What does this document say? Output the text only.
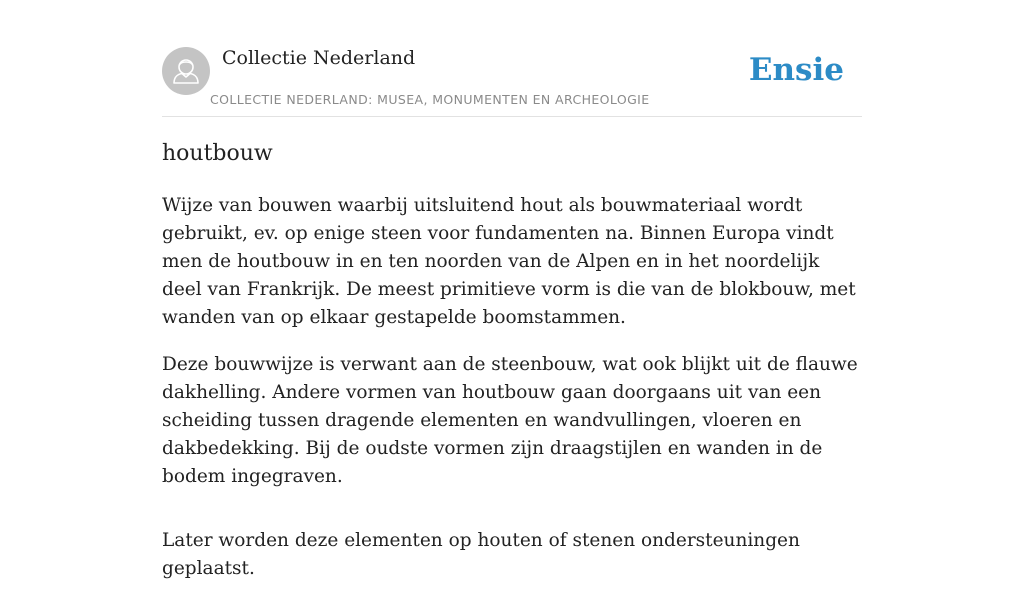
Collectie Nederland
COLLECTIE NEDERLAND: MUSEA, MONUMENTEN EN ARCHEOLOGIE
Ensie
houtbouw

Wijze van bouwen waarbij uitsluitend hout als bouwmateriaal wordt gebruikt, ev. op enige steen voor fundamenten na. Binnen Europa vindt men de houtbouw in en ten noorden van de Alpen en in het noordelijk deel van Frankrijk. De meest primitieve vorm is die van de blokbouw, met wanden van op elkaar gestapelde boomstammen.

Deze bouwwijze is verwant aan de steenbouw, wat ook blijkt uit de flauwe dakhelling. Andere vormen van houtbouw gaan doorgaans uit van een scheiding tussen dragende elementen en wandvullingen, vloeren en dakbedekking. Bij de oudste vormen zijn draagstijlen en wanden in de bodem ingegraven.

Later worden deze elementen op houten of stenen ondersteuningen geplaatst.
